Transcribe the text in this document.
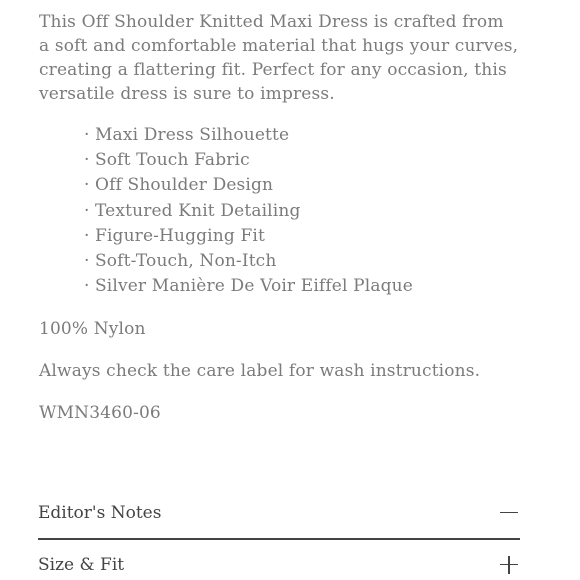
This Off Shoulder Knitted Maxi Dress is crafted from a soft and comfortable material that hugs your curves, creating a flattering fit. Perfect for any occasion, this versatile dress is sure to impress.

· Maxi Dress Silhouette
· Soft Touch Fabric
· Off Shoulder Design
· Textured Knit Detailing
· Figure-Hugging Fit
· Soft-Touch, Non-Itch
· Silver Manière De Voir Eiffel Plaque

100% Nylon

Always check the care label for wash instructions.

WMN3460-06

Editor's Notes
Size & Fit
